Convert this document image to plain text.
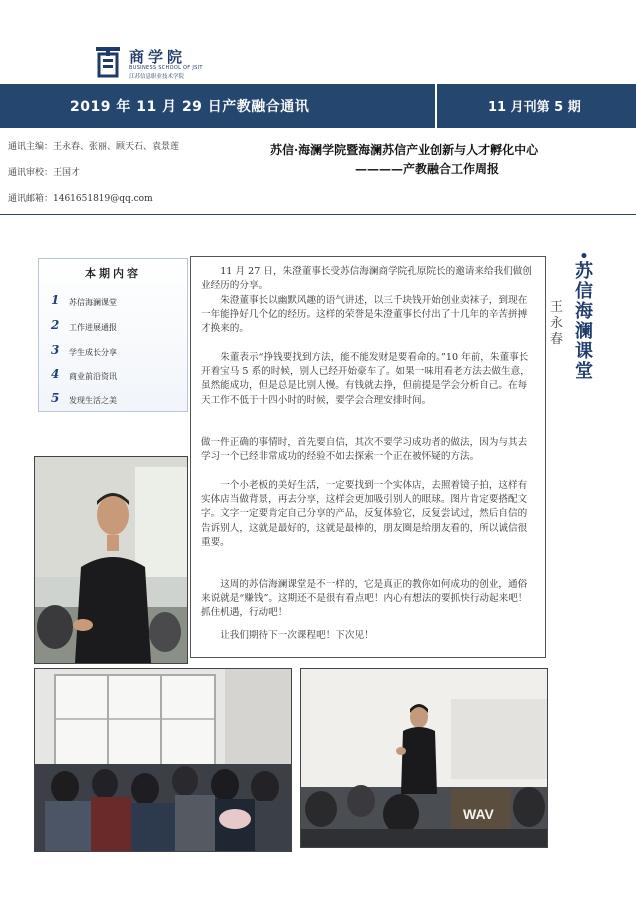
商学院
BUSINESS SCHOOL OF JSIT
江苏信息职业技术学院
2019 年 11 月 29 日产教融合通讯	11 月刊第 5 期
通讯主编：王永春、张丽、顾天石、袁景莲
通讯审校：王国才
通讯邮箱：1461651819@qq.com
苏信·海澜学院暨海澜苏信产业创新与人才孵化中心
————产教融合工作周报
本期内容
1 苏信海澜课堂
2 工作进展通报
3 学生成长分享
4 商业前沿资讯
5 发现生活之美

11 月 27 日，朱澄董事长受苏信海澜商学院孔原院长的邀请来给我们做创业经历的分享。

朱澄董事长以幽默风趣的语气讲述，以三千块钱开始创业卖袜子，到现在一年能挣好几个亿的经历。这样的荣誉是朱澄董事长付出了十几年的辛苦拼搏才换来的。

朱董表示“挣钱要找到方法，能不能发财是要看命的。”10 年前，朱董事长开着宝马 5 系的时候，别人已经开始豪车了。如果一味用看老方法去做生意，虽然能成功，但是总是比别人慢。有钱就去挣，但前提是学会分析自己。在每天工作不低于十四小时的时候，要学会合理安排时间。

做一件正确的事情时，首先要自信，其次不要学习成功者的做法，因为与其去学习一个已经非常成功的经验不如去探索一个正在被怀疑的方法。

一个小老板的美好生活，一定要找到一个实体店，去照着镜子拍，这样有实体店当做背景，再去分享，这样会更加吸引别人的眼球。图片肯定要搭配文字。文字一定要肯定自己分享的产品，反复体验它，反复尝试过，然后自信的告诉别人，这就是最好的，这就是最棒的，朋友圈是给朋友看的，所以诚信很重要。

这周的苏信海澜课堂是不一样的，它是真正的教你如何成功的创业，通俗来说就是“赚钱”。这期还不是很有看点吧！内心有想法的要抓快行动起来吧！抓住机遇，行动吧！

让我们期待下一次课程吧！下次见！

王永春
•
苏信海澜课堂
WAV
